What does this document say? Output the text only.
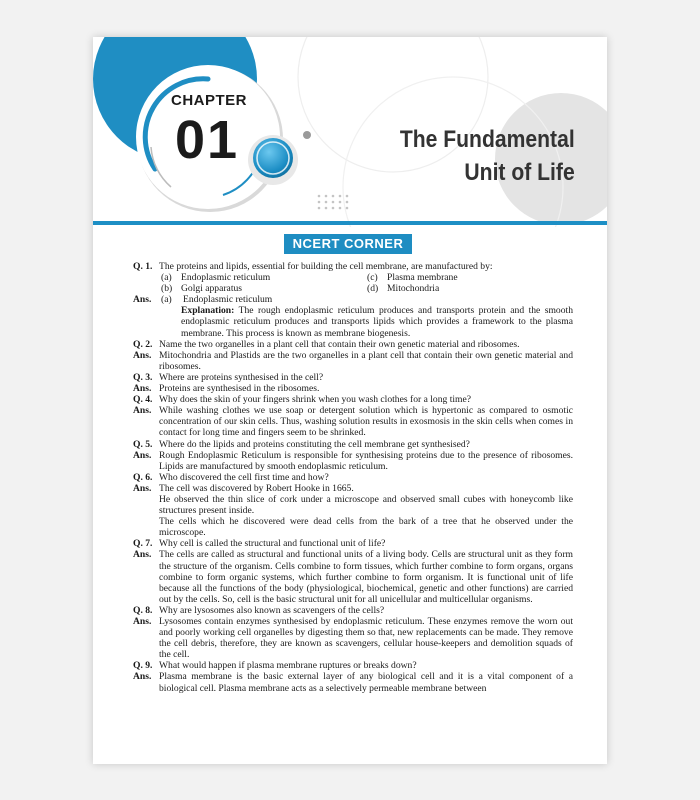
CHAPTER
01	The Fundamental
Unit of Life
NCERT CORNER
Q. 1. The proteins and lipids, essential for building the cell membrane, are manufactured by:
(a) Endoplasmic reticulum	(c) Plasma membrane
(b) Golgi apparatus	(d) Mitochondria
Ans. (a)	Endoplasmic reticulum
Explanation: The rough endoplasmic reticulum produces and transports protein and the smooth endoplasmic reticulum produces and transports lipids which provides a framework to the plasma membrane. This process is known as membrane biogenesis.
Q. 2. Name the two organelles in a plant cell that contain their own genetic material and ribosomes.
Ans. Mitochondria and Plastids are the two organelles in a plant cell that contain their own genetic material and ribosomes.
Q. 3. Where are proteins synthesised in the cell?
Ans. Proteins are synthesised in the ribosomes.
Q. 4. Why does the skin of your fingers shrink when you wash clothes for a long time?
Ans. While washing clothes we use soap or detergent solution which is hypertonic as compared to osmotic concentration of our skin cells. Thus, washing solution results in exosmosis in the skin cells when comes in contact for long time and fingers seem to be shrinked.
Q. 5. Where do the lipids and proteins constituting the cell membrane get synthesised?
Ans. Rough Endoplasmic Reticulum is responsible for synthesising proteins due to the presence of ribosomes. Lipids are manufactured by smooth endoplasmic reticulum.
Q. 6. Who discovered the cell first time and how?
Ans. The cell was discovered by Robert Hooke in 1665.

He observed the thin slice of cork under a microscope and observed small cubes with honeycomb like structures present inside.

The cells which he discovered were dead cells from the bark of a tree that he observed under the microscope.

Q. 7. Why cell is called the structural and functional unit of life?
Ans. The cells are called as structural and functional units of a living body. Cells are structural unit as they form the structure of the organism. Cells combine to form tissues, which further combine to form organs, organs combine to form organic systems, which further combine to form organism. It is functional unit of life because all the functions of the body (physiological, biochemical, genetic and other functions) are carried out by the cells. So, cell is the basic structural unit for all unicellular and multicellular organisms.
Q. 8. Why are lysosomes also known as scavengers of the cells?
Ans. Lysosomes contain enzymes synthesised by endoplasmic reticulum. These enzymes remove the worn out and poorly working cell organelles by digesting them so that, new replacements can be made. They remove the cell debris, therefore, they are known as scavengers, cellular house-keepers and demolition squads of the cell.
Q. 9. What would happen if plasma membrane ruptures or breaks down?
Ans. Plasma membrane is the basic external layer of any biological cell and it is a vital component of a biological cell. Plasma membrane acts as a selectively permeable membrane between
